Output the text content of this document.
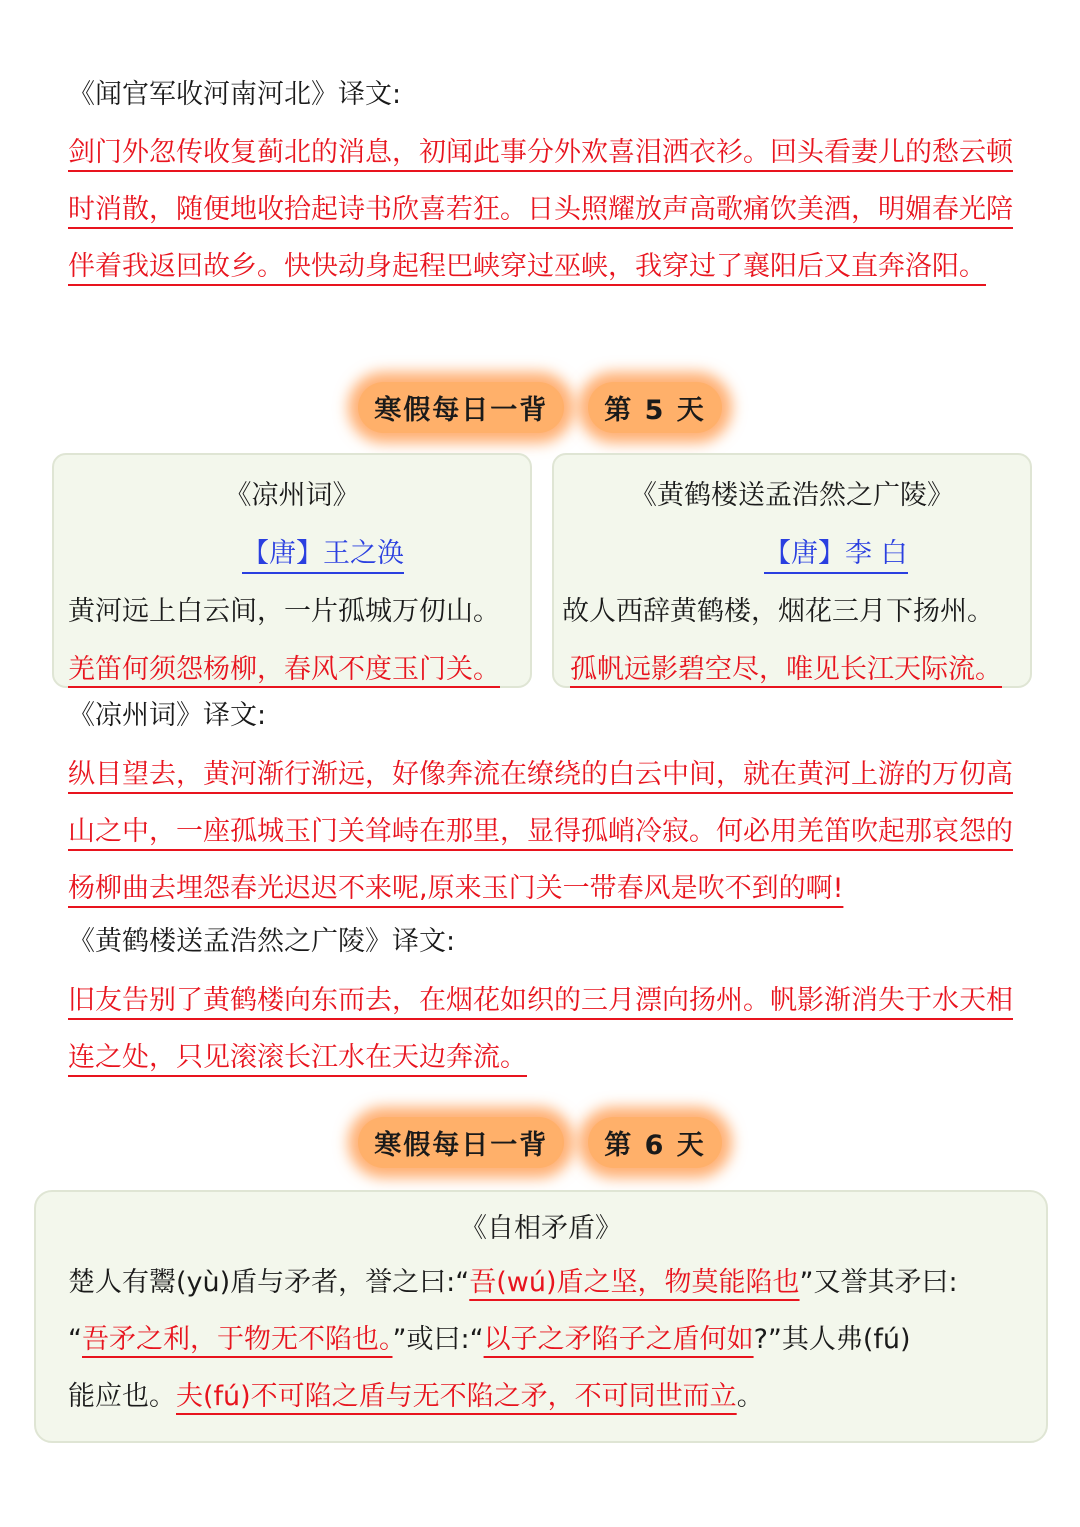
《闻官军收河南河北》译文:
剑门外忽传收复蓟北的消息，初闻此事分外欢喜泪洒衣衫。回头看妻儿的愁云顿时消散，随便地收拾起诗书欣喜若狂。日头照耀放声高歌痛饮美酒，明媚春光陪伴着我返回故乡。快快动身起程巴峡穿过巫峡，我穿过了襄阳后又直奔洛阳。
寒假每日一背	第 5 天
《凉州词》
【唐】王之涣
黄河远上白云间，一片孤城万仞山。
羌笛何须怨杨柳，春风不度玉门关。
《黄鹤楼送孟浩然之广陵》
【唐】李 白
故人西辞黄鹤楼，烟花三月下扬州。
孤帆远影碧空尽，唯见长江天际流。
《凉州词》译文:
纵目望去，黄河渐行渐远，好像奔流在缭绕的白云中间，就在黄河上游的万仞高山之中，一座孤城玉门关耸峙在那里，显得孤峭冷寂。何必用羌笛吹起那哀怨的杨柳曲去埋怨春光迟迟不来呢,原来玉门关一带春风是吹不到的啊!
《黄鹤楼送孟浩然之广陵》译文:
旧友告别了黄鹤楼向东而去，在烟花如织的三月漂向扬州。帆影渐消失于水天相连之处，只见滚滚长江水在天边奔流。
寒假每日一背	第 6 天
《自相矛盾》
楚人有鬻(yù)盾与矛者，誉之曰:“吾(wú)盾之坚，物莫能陷也”又誉其矛曰:
“吾矛之利，于物无不陷也。”或曰:“以子之矛陷子之盾何如?”其人弗(fú)
能应也。夫(fú)不可陷之盾与无不陷之矛，不可同世而立。
